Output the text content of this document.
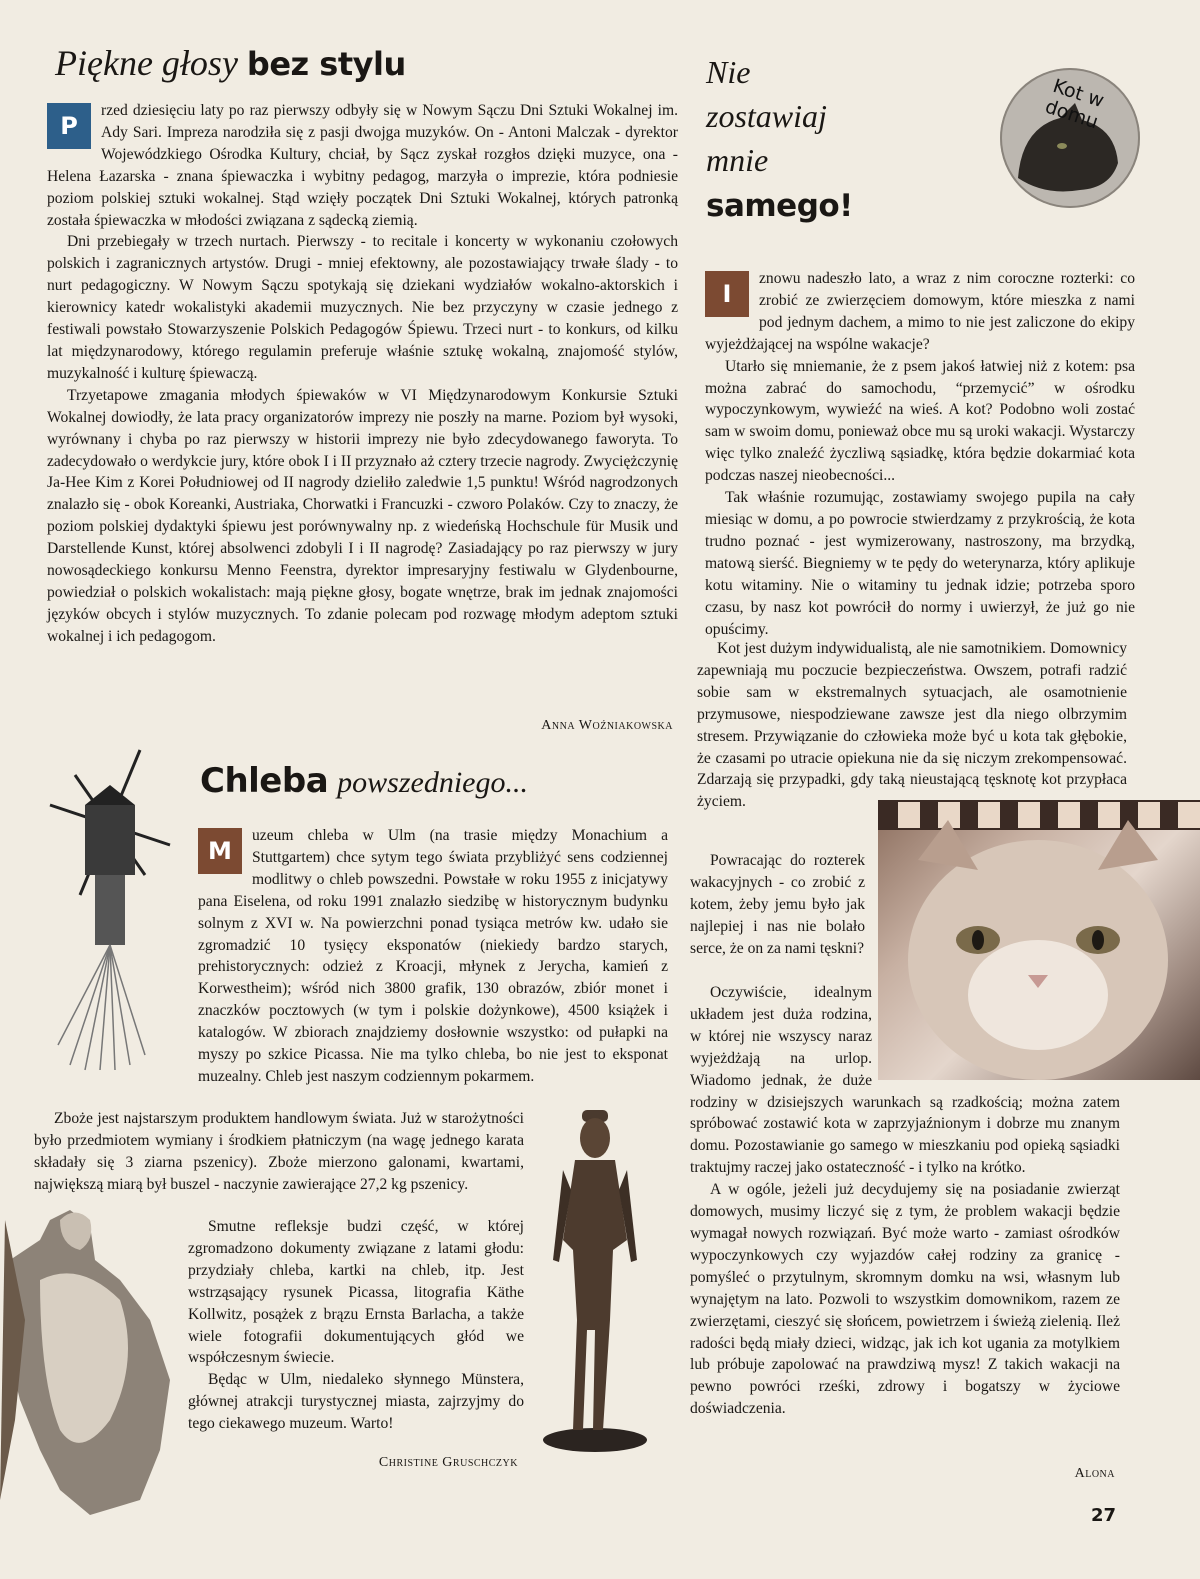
Piękne głosy bez stylu
P

rzed dziesięciu laty po raz pierwszy odbyły się w Nowym Sączu Dni Sztuki Wokalnej im. Ady Sari. Impreza narodziła się z pasji dwojga muzyków. On - Antoni Malczak - dyrektor Wojewódzkiego Ośrodka Kultury, chciał, by Sącz zyskał rozgłos dzięki muzyce, ona - Helena Łazarska - znana śpiewaczka i wybitny pedagog, marzyła o imprezie, która podniesie poziom polskiej sztuki wokalnej. Stąd wzięły początek Dni Sztuki Wokalnej, których patronką została śpiewaczka w młodości związana z sądecką ziemią.

Dni przebiegały w trzech nurtach. Pierwszy - to recitale i koncerty w wykonaniu czołowych polskich i zagranicznych artystów. Drugi - mniej efektowny, ale pozostawiający trwałe ślady - to nurt pedagogiczny. W Nowym Sączu spotykają się dziekani wydziałów wokalno-aktorskich i kierownicy katedr wokalistyki akademii muzycznych. Nie bez przyczyny w czasie jednego z festiwali powstało Stowarzyszenie Polskich Pedagogów Śpiewu. Trzeci nurt - to konkurs, od kilku lat międzynarodowy, którego regulamin preferuje właśnie sztukę wokalną, znajomość stylów, muzykalność i kulturę śpiewaczą.

Trzyetapowe zmagania młodych śpiewaków w VI Międzynarodowym Konkursie Sztuki Wokalnej dowiodły, że lata pracy organizatorów imprezy nie poszły na marne. Poziom był wysoki, wyrównany i chyba po raz pierwszy w historii imprezy nie było zdecydowanego faworyta. To zadecydowało o werdykcie jury, które obok I i II przyznało aż cztery trzecie nagrody. Zwyciężczynię Ja-Hee Kim z Korei Południowej od II nagrody dzieliło zaledwie 1,5 punktu! Wśród nagrodzonych znalazło się - obok Koreanki, Austriaka, Chorwatki i Francuzki - czworo Polaków. Czy to znaczy, że poziom polskiej dydaktyki śpiewu jest porównywalny np. z wiedeńską Hochschule für Musik und Darstellende Kunst, której absolwenci zdobyli I i II nagrodę? Zasiadający po raz pierwszy w jury nowosądeckiego konkursu Menno Feenstra, dyrektor impresaryjny festiwalu w Glydenbourne, powiedział o polskich wokalistach: mają piękne głosy, bogate wnętrze, brak im jednak znajomości języków obcych i stylów muzycznych. To zdanie polecam pod rozwagę młodym adeptom sztuki wokalnej i ich pedagogom.

Anna Woźniakowska
Chleba powszedniego...
M

uzeum chleba w Ulm (na trasie między Monachium a Stuttgartem) chce sytym tego świata przybliżyć sens codziennej modlitwy o chleb powszedni. Powstałe w roku 1955 z inicjatywy pana Eiselena, od roku 1991 znalazło siedzibę w historycznym budynku solnym z XVI w. Na powierzchni ponad tysiąca metrów kw. udało sie zgromadzić 10 tysięcy eksponatów (niekiedy bardzo starych, prehistorycznych: odzież z Kroacji, młynek z Jerycha, kamień z Korwestheim); wśród nich 3800 grafik, 130 obrazów, zbiór monet i znaczków pocztowych (w tym i polskie dożynkowe), 4500 książek i katalogów. W zbiorach znajdziemy dosłownie wszystko: od pułapki na myszy po szkice Picassa. Nie ma tylko chleba, bo nie jest to eksponat muzealny. Chleb jest naszym codziennym pokarmem.

Zboże jest najstarszym produktem handlowym świata. Już w starożytności było przedmiotem wymiany i środkiem płatniczym (na wagę jednego karata składały się 3 ziarna pszenicy). Zboże mierzono galonami, kwartami, największą miarą był buszel - naczynie zawierające 27,2 kg pszenicy.

Smutne refleksje budzi część, w której zgromadzono dokumenty związane z latami głodu: przydziały chleba, kartki na chleb, itp. Jest wstrząsający rysunek Picassa, litografia Käthe Kollwitz, posążek z brązu Ernsta Barlacha, a także wiele fotografii dokumentujących głód we współczesnym świecie.

Będąc w Ulm, niedaleko słynnego Münstera, głównej atrakcji turystycznej miasta, zajrzyjmy do tego ciekawego muzeum. Warto!

Christine Gruschczyk
Nie
zostawiaj
mnie
samego!
Kot w domu
I

znowu nadeszło lato, a wraz z nim coroczne rozterki: co zrobić ze zwierzęciem domowym, które mieszka z nami pod jednym dachem, a mimo to nie jest zaliczone do ekipy wyjeżdżającej na wspólne wakacje?

Utarło się mniemanie, że z psem jakoś łatwiej niż z kotem: psa można zabrać do samochodu, “przemycić” w ośrodku wypoczynkowym, wywieźć na wieś. A kot? Podobno woli zostać sam w swoim domu, ponieważ obce mu są uroki wakacji. Wystarczy więc tylko znaleźć życzliwą sąsiadkę, która będzie dokarmiać kota podczas naszej nieobecności...

Tak właśnie rozumując, zostawiamy swojego pupila na cały miesiąc w domu, a po powrocie stwierdzamy z przykrością, że kota trudno poznać - jest wymizerowany, nastroszony, ma brzydką, matową sierść. Biegniemy w te pędy do weterynarza, który aplikuje kotu witaminy. Nie o witaminy tu jednak idzie; potrzeba sporo czasu, by nasz kot powrócił do normy i uwierzył, że już go nie opuścimy.

Kot jest dużym indywidualistą, ale nie samotnikiem. Domownicy zapewniają mu poczucie bezpieczeństwa. Owszem, potrafi radzić sobie sam w ekstremalnych sytuacjach, ale osamotnienie przymusowe, niespodziewane zawsze jest dla niego olbrzymim stresem. Przywiązanie do człowieka może być u kota tak głębokie, że czasami po utracie opiekuna nie da się niczym zrekompensować. Zdarzają się przypadki, gdy taką nieustającą tęsknotę kot przypłaca życiem.

Powracając do rozterek wakacyjnych - co zrobić z kotem, żeby jemu było jak najlepiej i nas nie bolało serce, że on za nami tęskni?

Oczywiście, idealnym układem jest duża rodzina, w której nie wszyscy naraz wyjeżdżają na urlop. Wiadomo jednak, że duże rodziny w dzisiejszych warunkach są rzadkością; można zatem spróbować zostawić kota w zaprzyjaźnionym i dobrze mu znanym domu. Pozostawianie go samego w mieszkaniu pod opieką sąsiadki traktujmy raczej jako ostateczność - i tylko na krótko.

A w ogóle, jeżeli już decydujemy się na posiadanie zwierząt domowych, musimy liczyć się z tym, że problem wakacji będzie wymagał nowych rozwiązań. Być może warto - zamiast ośrodków wypoczynkowych czy wyjazdów całej rodziny za granicę - pomyśleć o przytulnym, skromnym domku na wsi, własnym lub wynajętym na lato. Pozwoli to wszystkim domownikom, razem ze zwierzętami, cieszyć się słońcem, powietrzem i świeżą zielenią. Ileż radości będą miały dzieci, widząc, jak ich kot ugania za motylkiem lub próbuje zapolować na prawdziwą mysz! Z takich wakacji na pewno powróci rześki, zdrowy i bogatszy w życiowe doświadczenia.

Alona
27
